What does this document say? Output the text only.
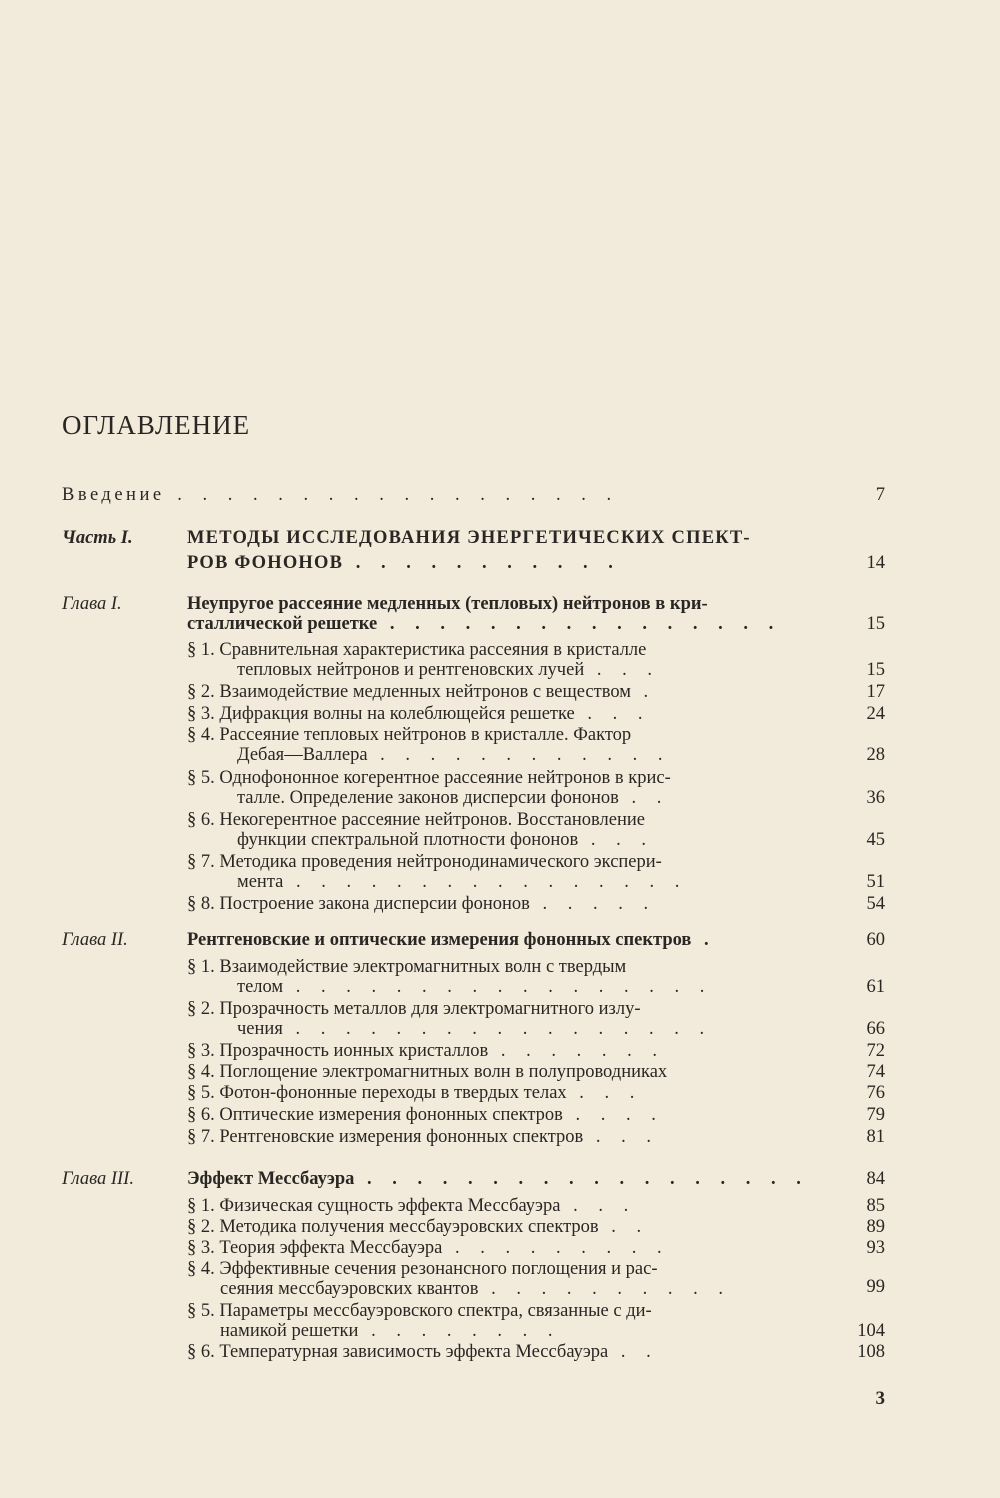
ОГЛАВЛЕНИЕ
Введение . . . . . . . . . . . . . . . . . .	7
Часть I.	МЕТОДЫ ИССЛЕДОВАНИЯ ЭНЕРГЕТИЧЕСКИХ СПЕКТ-
РОВ ФОНОНОВ . . . . . . . . . . .	14
Глава I.	Неупругое рассеяние медленных (тепловых) нейтронов в кри-
сталлической решетке . . . . . . . . . . . . . . . .	15
§ 1. Сравнительная характеристика рассеяния в кристалле
тепловых нейтронов и рентгеновских лучей . . .	15
§ 2. Взаимодействие медленных нейтронов с веществом .	17
§ 3. Дифракция волны на колеблющейся решетке . . .	24
§ 4. Рассеяние тепловых нейтронов в кристалле. Фактор
Дебая—Валлера . . . . . . . . . . . .	28
§ 5. Однофононное когерентное рассеяние нейтронов в крис-
талле. Определение законов дисперсии фононов . .	36
§ 6. Некогерентное рассеяние нейтронов. Восстановление
функции спектральной плотности фононов . . .	45
§ 7. Методика проведения нейтронодинамического экспери-
мента . . . . . . . . . . . . . . . .	51
§ 8. Построение закона дисперсии фононов . . . . .	54
Глава II.	Рентгеновские и оптические измерения фононных спектров .	60
§ 1. Взаимодействие электромагнитных волн с твердым
телом . . . . . . . . . . . . . . . . .	61
§ 2. Прозрачность металлов для электромагнитного излу-
чения . . . . . . . . . . . . . . . . .	66
§ 3. Прозрачность ионных кристаллов . . . . . . .	72
§ 4. Поглощение электромагнитных волн в полупроводниках	74
§ 5. Фотон-фононные переходы в твердых телах . . .	76
§ 6. Оптические измерения фононных спектров . . . .	79
§ 7. Рентгеновские измерения фононных спектров . . .	81
Глава III.	Эффект Мессбауэра . . . . . . . . . . . . . . . . . .	84
§ 1. Физическая сущность эффекта Мессбауэра . . .	85
§ 2. Методика получения мессбауэровских спектров . .	89
§ 3. Теория эффекта Мессбауэра . . . . . . . . .	93
§ 4. Эффективные сечения резонансного поглощения и рас-
сеяния мессбауэровских квантов . . . . . . . . . .	99
§ 5. Параметры мессбауэровского спектра, связанные с ди-
намикой решетки . . . . . . . .	104
§ 6. Температурная зависимость эффекта Мессбауэра . .	108
3
